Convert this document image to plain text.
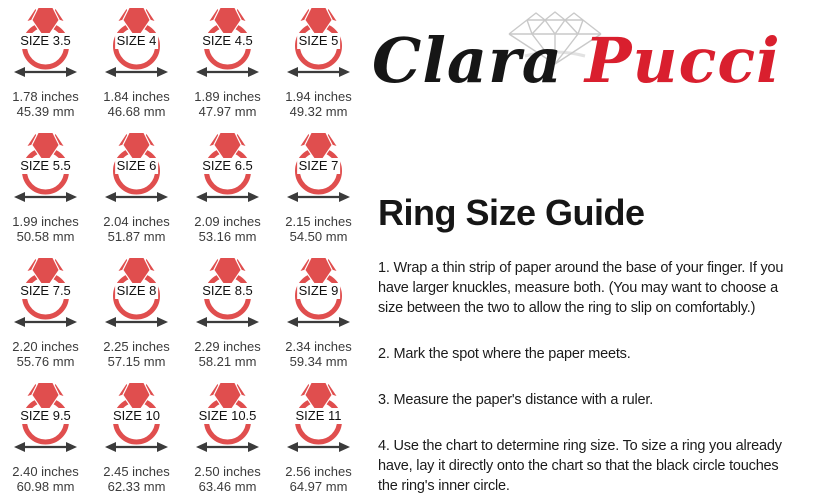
SIZE 3.5
1.78 inches
45.39 mm
SIZE 4
1.84 inches
46.68 mm
SIZE 4.5
1.89 inches
47.97 mm
SIZE 5
1.94 inches
49.32 mm
SIZE 5.5
1.99 inches
50.58 mm
SIZE 6
2.04 inches
51.87 mm
SIZE 6.5
2.09 inches
53.16 mm
SIZE 7
2.15 inches
54.50 mm
SIZE 7.5
2.20 inches
55.76 mm
SIZE 8
2.25 inches
57.15 mm
SIZE 8.5
2.29 inches
58.21 mm
SIZE 9
2.34 inches
59.34 mm
SIZE 9.5
2.40 inches
60.98 mm
SIZE 10
2.45 inches
62.33 mm
SIZE 10.5
2.50 inches
63.46 mm
SIZE 11
2.56 inches
64.97 mm
Clara Pucci
Ring Size Guide

1. Wrap a thin strip of paper around the base of your finger. If you
have larger knuckles, measure both. (You may want to choose a
size between the two to allow the ring to slip on comfortably.)

2. Mark the spot where the paper meets.

3. Measure the paper's distance with a ruler.

4. Use the chart to determine ring size. To size a ring you already
have, lay it directly onto the chart so that the black circle touches
the ring's inner circle.
